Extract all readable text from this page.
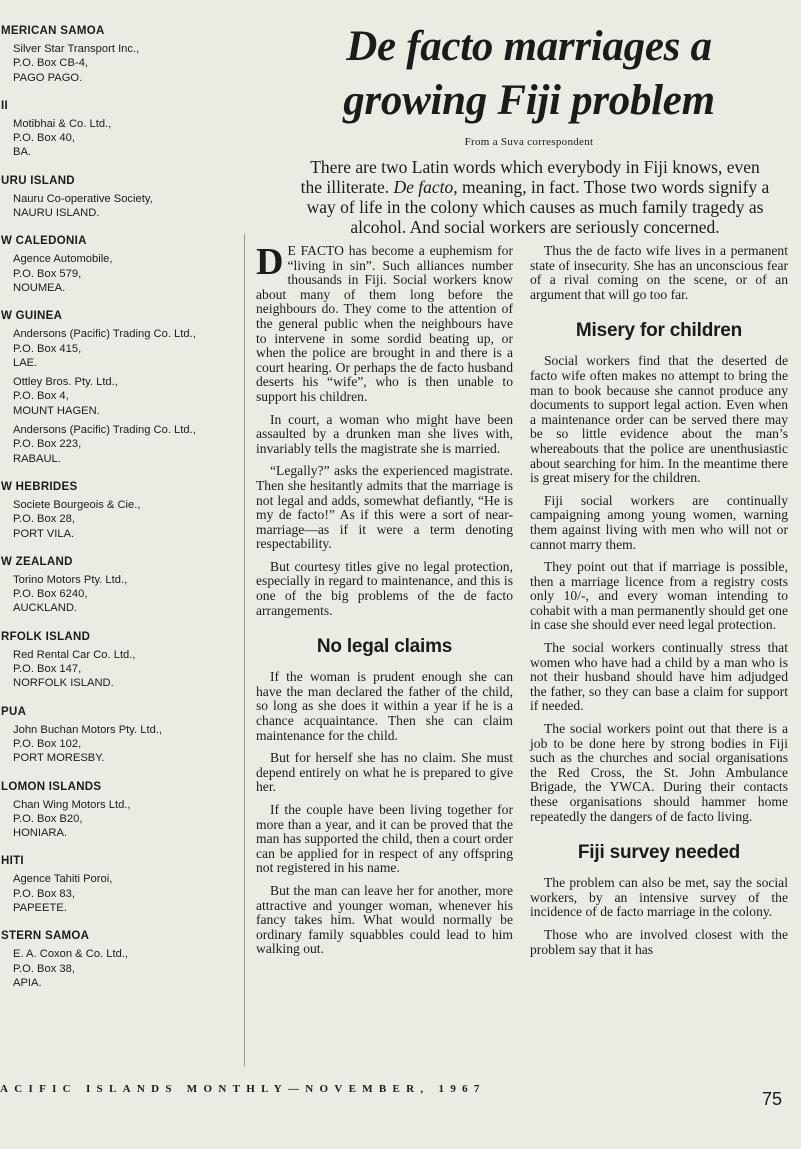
MERICAN SAMOA
Silver Star Transport Inc.,
P.O. Box CB-4,
PAGO PAGO.
II
Motibhai & Co. Ltd.,
P.O. Box 40,
BA.
URU ISLAND
Nauru Co-operative Society,
NAURU ISLAND.
W CALEDONIA
Agence Automobile,
P.O. Box 579,
NOUMEA.
W GUINEA
Andersons (Pacific) Trading Co. Ltd.,
P.O. Box 415,
LAE.
Ottley Bros. Pty. Ltd.,
P.O. Box 4,
MOUNT HAGEN.
Andersons (Pacific) Trading Co. Ltd.,
P.O. Box 223,
RABAUL.
W HEBRIDES
Societe Bourgeois & Cie.,
P.O. Box 28,
PORT VILA.
W ZEALAND
Torino Motors Pty. Ltd.,
P.O. Box 6240,
AUCKLAND.
RFOLK ISLAND
Red Rental Car Co. Ltd.,
P.O. Box 147,
NORFOLK ISLAND.
PUA
John Buchan Motors Pty. Ltd.,
P.O. Box 102,
PORT MORESBY.
LOMON ISLANDS
Chan Wing Motors Ltd.,
P.O. Box B20,
HONIARA.
HITI
Agence Tahiti Poroi,
P.O. Box 83,
PAPEETE.
STERN SAMOA
E. A. Coxon & Co. Ltd.,
P.O. Box 38,
APIA.
De facto marriages a
growing Fiji problem

From a Suva correspondent

There are two Latin words which everybody in Fiji knows, even the illiterate. De facto, meaning, in fact. Those two words signify a way of life in the colony which causes as much family tragedy as alcohol. And social workers are seriously concerned.

D E FACTO has become a euphemism for “living in sin”. Such alliances number thousands in Fiji. Social workers know about many of them long before the neighbours do. They come to the attention of the general public when the neighbours have to intervene in some sordid beating up, or when the police are brought in and there is a court hearing. Or perhaps the de facto husband deserts his “wife”, who is then unable to support his children.

In court, a woman who might have been assaulted by a drunken man she lives with, invariably tells the magistrate she is married.

“Legally?” asks the experienced magistrate. Then she hesitantly admits that the marriage is not legal and adds, somewhat defiantly, “He is my de facto!” As if this were a sort of near-marriage—as if it were a term denoting respectability.

But courtesy titles give no legal protection, especially in regard to maintenance, and this is one of the big problems of the de facto arrangements.

No legal claims

If the woman is prudent enough she can have the man declared the father of the child, so long as she does it within a year if he is a chance acquaintance. Then she can claim maintenance for the child.

But for herself she has no claim. She must depend entirely on what he is prepared to give her.

If the couple have been living together for more than a year, and it can be proved that the man has supported the child, then a court order can be applied for in respect of any offspring not registered in his name.

But the man can leave her for another, more attractive and younger woman, whenever his fancy takes him. What would normally be ordinary family squabbles could lead to him walking out.

Thus the de facto wife lives in a permanent state of insecurity. She has an unconscious fear of a rival coming on the scene, or of an argument that will go too far.

Misery for children

Social workers find that the deserted de facto wife often makes no attempt to bring the man to book because she cannot produce any documents to support legal action. Even when a maintenance order can be served there may be so little evidence about the man’s whereabouts that the police are unenthusiastic about searching for him. In the meantime there is great misery for the children.

Fiji social workers are continually campaigning among young women, warning them against living with men who will not or cannot marry them.

They point out that if marriage is possible, then a marriage licence from a registry costs only 10/-, and every woman intending to cohabit with a man permanently should get one in case she should ever need legal protection.

The social workers continually stress that women who have had a child by a man who is not their husband should have him adjudged the father, so they can base a claim for support if needed.

The social workers point out that there is a job to be done here by strong bodies in Fiji such as the churches and social organisations the Red Cross, the St. John Ambulance Brigade, the YWCA. During their contacts these organisations should hammer home repeatedly the dangers of de facto living.

Fiji survey needed

The problem can also be met, say the social workers, by an intensive survey of the incidence of de facto marriage in the colony.

Those who are involved closest with the problem say that it has

ACIFIC ISLANDS MONTHLY—NOVEMBER, 1967	75
